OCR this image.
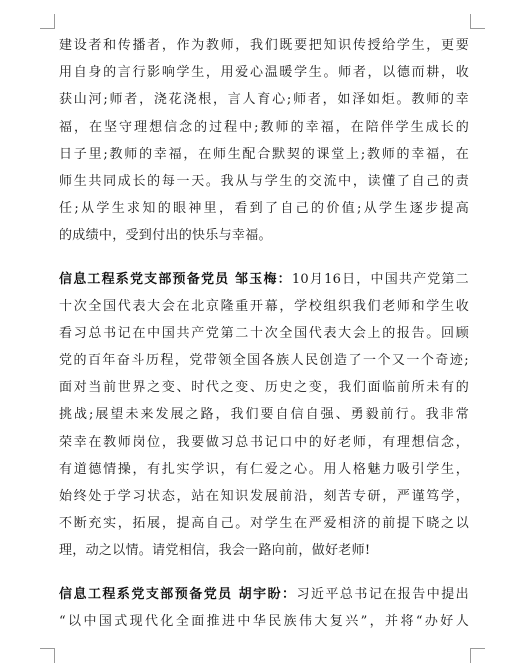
建设者和传播者，作为教师，我们既要把知识传授给学生，更要
用自身的言行影响学生，用爱心温暖学生。师者，以德而耕，收
获山河;师者，浇花浇根，言人育心;师者，如泽如炬。教师的幸
福，在坚守理想信念的过程中;教师的幸福，在陪伴学生成长的
日子里;教师的幸福，在师生配合默契的课堂上;教师的幸福，在
师生共同成长的每一天。我从与学生的交流中，读懂了自己的责
任;从学生求知的眼神里，看到了自己的价值;从学生逐步提高
的成绩中，受到付出的快乐与幸福。
信息工程系党支部预备党员 邹玉梅：10月16日，中国共产党第二
十次全国代表大会在北京隆重开幕，学校组织我们老师和学生收
看习总书记在中国共产党第二十次全国代表大会上的报告。回顾
党的百年奋斗历程，党带领全国各族人民创造了一个又一个奇迹;
面对当前世界之变、时代之变、历史之变，我们面临前所未有的
挑战;展望未来发展之路，我们要自信自强、勇毅前行。我非常
荣幸在教师岗位，我要做习总书记口中的好老师，有理想信念，
有道德情操，有扎实学识，有仁爱之心。用人格魅力吸引学生，
始终处于学习状态，站在知识发展前沿，刻苦专研，严谨笃学，
不断充实，拓展，提高自己。对学生在严爱相济的前提下晓之以
理，动之以情。请党相信，我会一路向前，做好老师!
信息工程系党支部预备党员 胡宇盼：习近平总书记在报告中提出
“以中国式现代化全面推进中华民族伟大复兴”，并将“办好人
